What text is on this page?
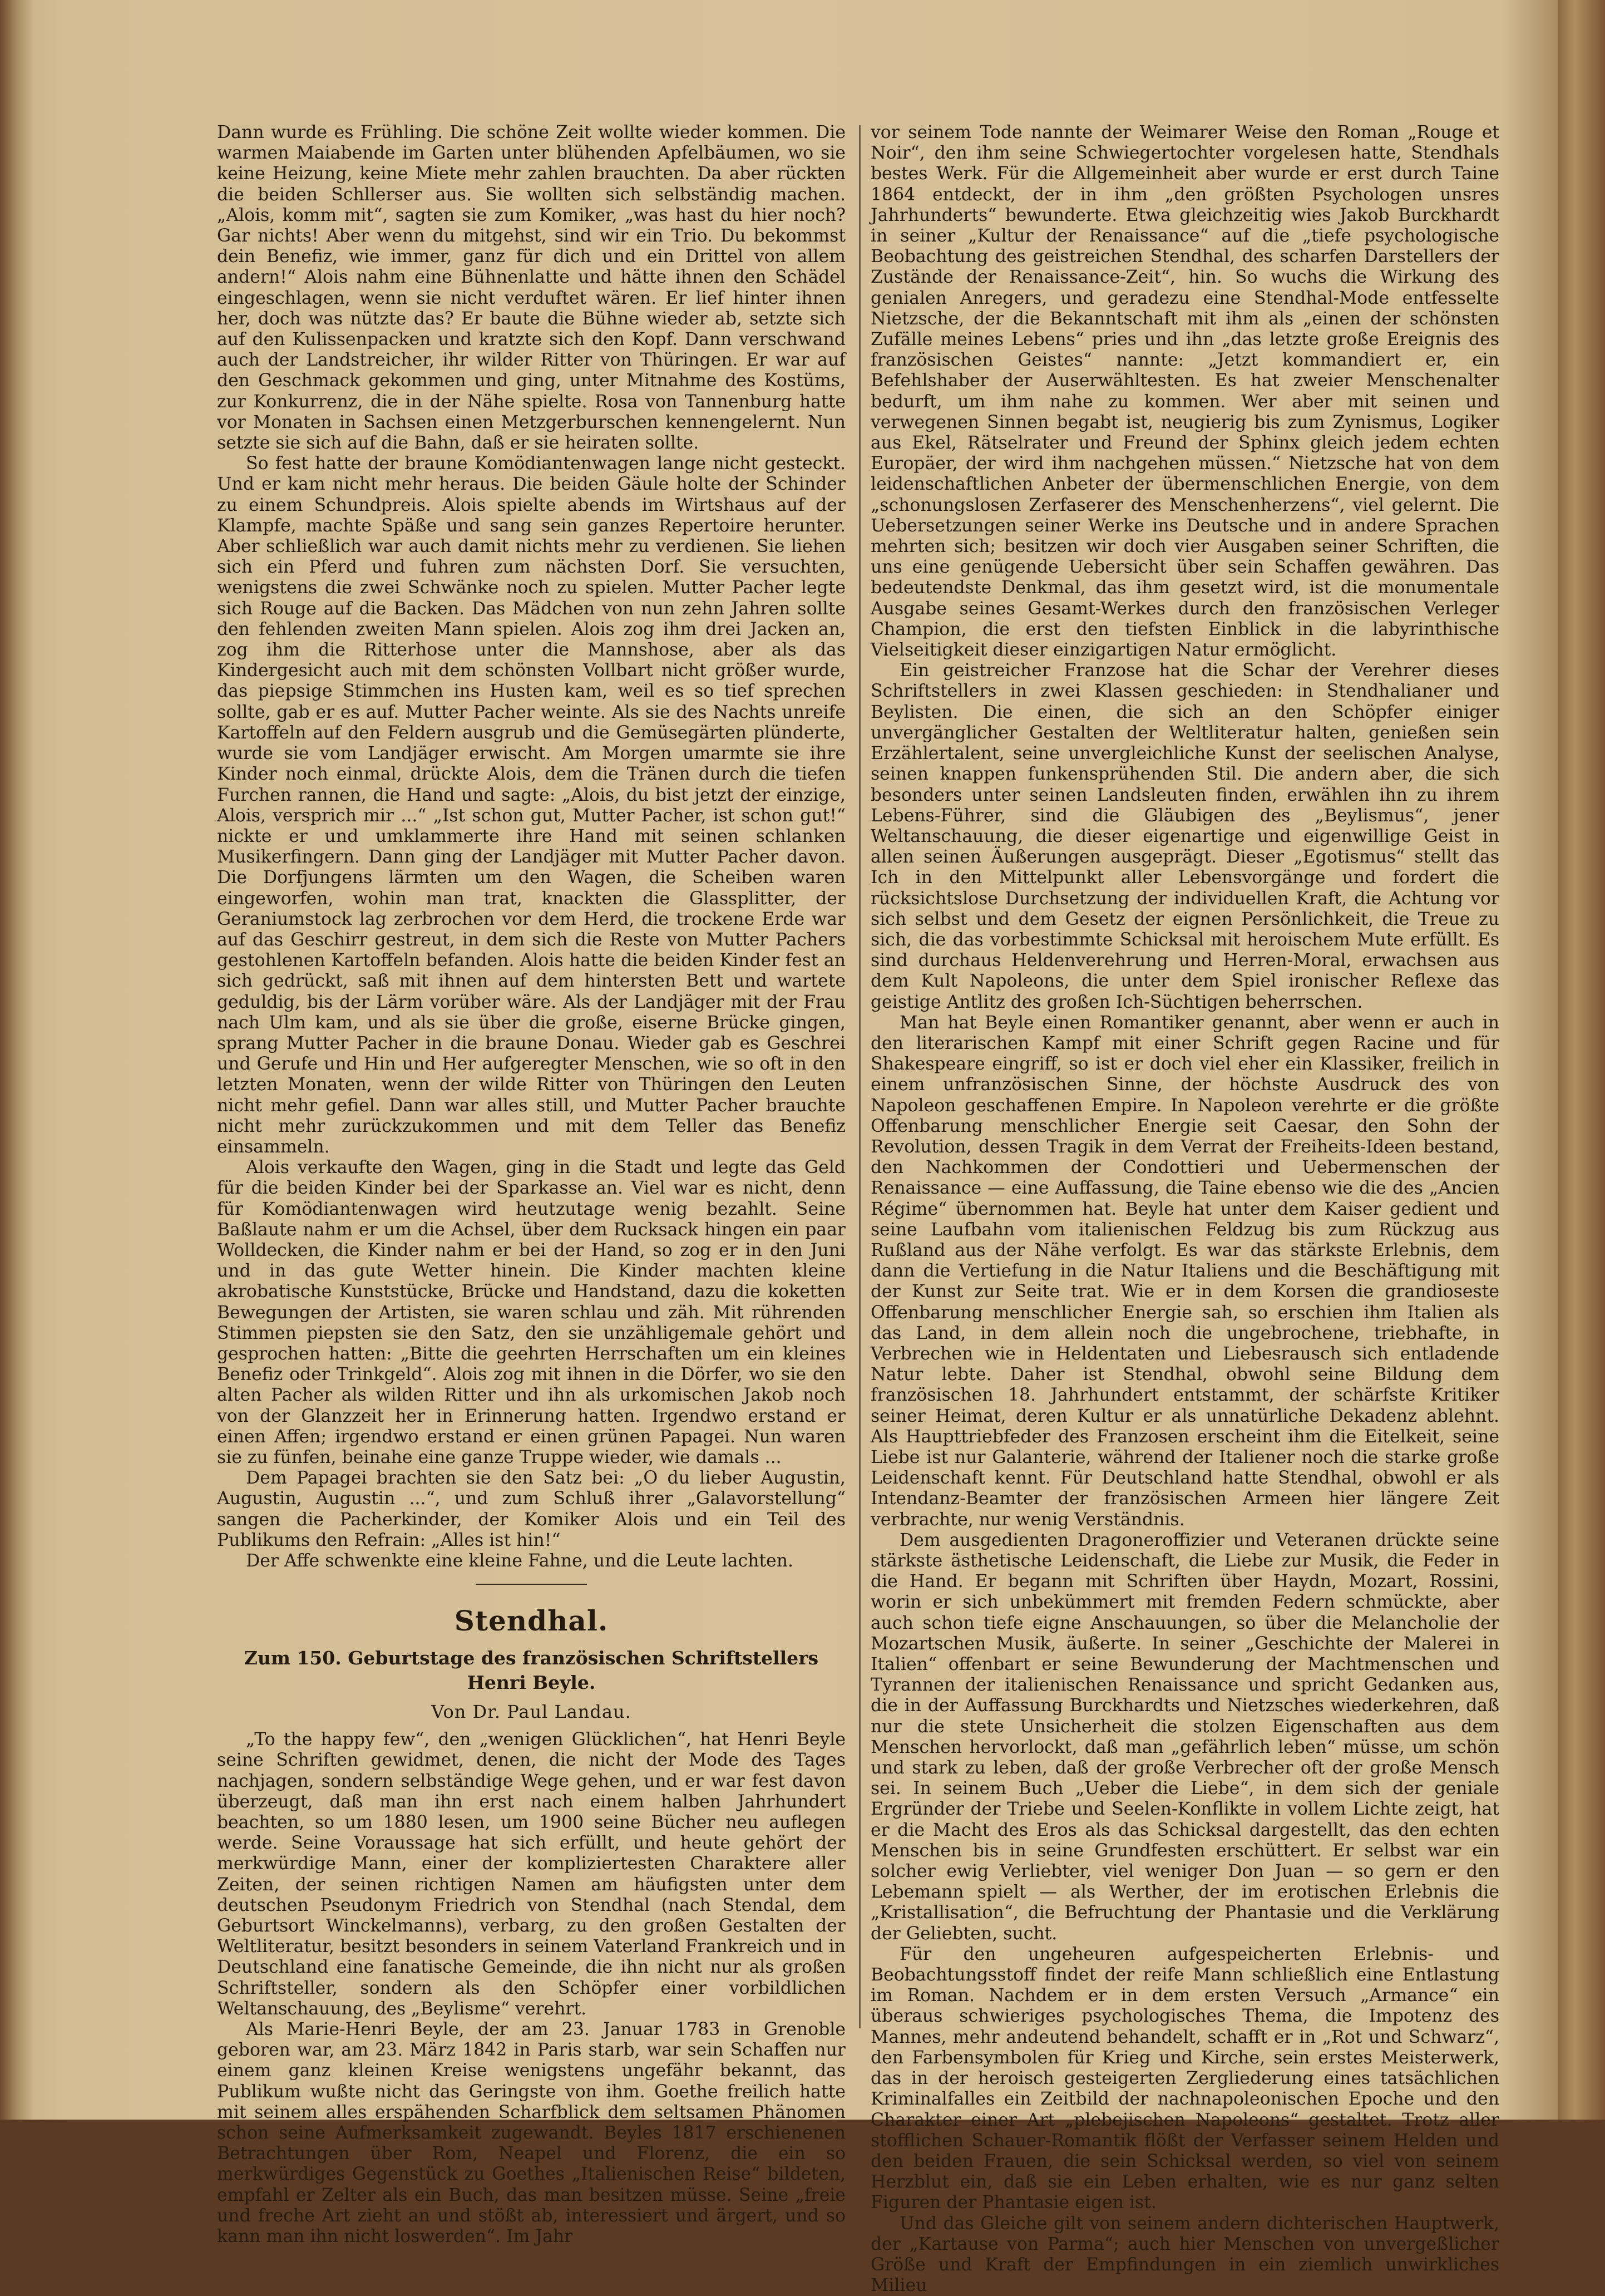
Dann wurde es Frühling. Die schöne Zeit wollte wieder kommen. Die warmen Maiabende im Garten unter blühenden Apfelbäumen, wo sie keine Heizung, keine Miete mehr zahlen brauchten. Da aber rückten die beiden Schllerser aus. Sie wollten sich selbständig machen. „Alois, komm mit“, sagten sie zum Komiker, „was hast du hier noch? Gar nichts! Aber wenn du mitgehst, sind wir ein Trio. Du bekommst dein Benefiz, wie immer, ganz für dich und ein Drittel von allem andern!“ Alois nahm eine Bühnenlatte und hätte ihnen den Schädel eingeschlagen, wenn sie nicht verduftet wären. Er lief hinter ihnen her, doch was nützte das? Er baute die Bühne wieder ab, setzte sich auf den Kulissenpacken und kratzte sich den Kopf. Dann verschwand auch der Landstreicher, ihr wilder Ritter von Thüringen. Er war auf den Geschmack gekommen und ging, unter Mitnahme des Kostüms, zur Konkurrenz, die in der Nähe spielte. Rosa von Tannenburg hatte vor Monaten in Sachsen einen Metzgerburschen kennengelernt. Nun setzte sie sich auf die Bahn, daß er sie heiraten sollte.

So fest hatte der braune Komödiantenwagen lange nicht gesteckt. Und er kam nicht mehr heraus. Die beiden Gäule holte der Schinder zu einem Schundpreis. Alois spielte abends im Wirtshaus auf der Klampfe, machte Späße und sang sein ganzes Repertoire herunter. Aber schließlich war auch damit nichts mehr zu verdienen. Sie liehen sich ein Pferd und fuhren zum nächsten Dorf. Sie versuchten, wenigstens die zwei Schwänke noch zu spielen. Mutter Pacher legte sich Rouge auf die Backen. Das Mädchen von nun zehn Jahren sollte den fehlenden zweiten Mann spielen. Alois zog ihm drei Jacken an, zog ihm die Ritterhose unter die Mannshose, aber als das Kindergesicht auch mit dem schönsten Vollbart nicht größer wurde, das piepsige Stimmchen ins Husten kam, weil es so tief sprechen sollte, gab er es auf. Mutter Pacher weinte. Als sie des Nachts unreife Kartoffeln auf den Feldern ausgrub und die Gemüsegärten plünderte, wurde sie vom Landjäger erwischt. Am Morgen umarmte sie ihre Kinder noch einmal, drückte Alois, dem die Tränen durch die tiefen Furchen rannen, die Hand und sagte: „Alois, du bist jetzt der einzige, Alois, versprich mir ...“ „Ist schon gut, Mutter Pacher, ist schon gut!“ nickte er und umklammerte ihre Hand mit seinen schlanken Musikerfingern. Dann ging der Landjäger mit Mutter Pacher davon. Die Dorfjungens lärmten um den Wagen, die Scheiben waren eingeworfen, wohin man trat, knackten die Glassplitter, der Geraniumstock lag zerbrochen vor dem Herd, die trockene Erde war auf das Geschirr gestreut, in dem sich die Reste von Mutter Pachers gestohlenen Kartoffeln befanden. Alois hatte die beiden Kinder fest an sich gedrückt, saß mit ihnen auf dem hintersten Bett und wartete geduldig, bis der Lärm vorüber wäre. Als der Landjäger mit der Frau nach Ulm kam, und als sie über die große, eiserne Brücke gingen, sprang Mutter Pacher in die braune Donau. Wieder gab es Geschrei und Gerufe und Hin und Her aufgeregter Menschen, wie so oft in den letzten Monaten, wenn der wilde Ritter von Thüringen den Leuten nicht mehr gefiel. Dann war alles still, und Mutter Pacher brauchte nicht mehr zurückzukommen und mit dem Teller das Benefiz einsammeln.

Alois verkaufte den Wagen, ging in die Stadt und legte das Geld für die beiden Kinder bei der Sparkasse an. Viel war es nicht, denn für Komödiantenwagen wird heutzutage wenig bezahlt. Seine Baßlaute nahm er um die Achsel, über dem Rucksack hingen ein paar Wolldecken, die Kinder nahm er bei der Hand, so zog er in den Juni und in das gute Wetter hinein. Die Kinder machten kleine akrobatische Kunststücke, Brücke und Handstand, dazu die koketten Bewegungen der Artisten, sie waren schlau und zäh. Mit rührenden Stimmen piepsten sie den Satz, den sie unzähligemale gehört und gesprochen hatten: „Bitte die geehrten Herrschaften um ein kleines Benefiz oder Trinkgeld“. Alois zog mit ihnen in die Dörfer, wo sie den alten Pacher als wilden Ritter und ihn als urkomischen Jakob noch von der Glanzzeit her in Erinnerung hatten. Irgendwo erstand er einen Affen; irgendwo erstand er einen grünen Papagei. Nun waren sie zu fünfen, beinahe eine ganze Truppe wieder, wie damals ...

Dem Papagei brachten sie den Satz bei: „O du lieber Augustin, Augustin, Augustin ...“, und zum Schluß ihrer „Galavorstellung“ sangen die Pacherkinder, der Komiker Alois und ein Teil des Publikums den Refrain: „Alles ist hin!“

Der Affe schwenkte eine kleine Fahne, und die Leute lachten.

Stendhal.
Zum 150. Geburtstage des französischen Schriftstellers Henri Beyle.
Von Dr. Paul Landau.

„To the happy few“, den „wenigen Glücklichen“, hat Henri Beyle seine Schriften gewidmet, denen, die nicht der Mode des Tages nachjagen, sondern selbständige Wege gehen, und er war fest davon überzeugt, daß man ihn erst nach einem halben Jahrhundert beachten, so um 1880 lesen, um 1900 seine Bücher neu auflegen werde. Seine Voraussage hat sich erfüllt, und heute gehört der merkwürdige Mann, einer der kompliziertesten Charaktere aller Zeiten, der seinen richtigen Namen am häufigsten unter dem deutschen Pseudonym Friedrich von Stendhal (nach Stendal, dem Geburtsort Winckelmanns), verbarg, zu den großen Gestalten der Weltliteratur, besitzt besonders in seinem Vaterland Frankreich und in Deutschland eine fanatische Gemeinde, die ihn nicht nur als großen Schriftsteller, sondern als den Schöpfer einer vorbildlichen Weltanschauung, des „Beylisme“ verehrt.

Als Marie-Henri Beyle, der am 23. Januar 1783 in Grenoble geboren war, am 23. März 1842 in Paris starb, war sein Schaffen nur einem ganz kleinen Kreise wenigstens ungefähr bekannt, das Publikum wußte nicht das Geringste von ihm. Goethe freilich hatte mit seinem alles erspähenden Scharfblick dem seltsamen Phänomen schon seine Aufmerksamkeit zugewandt. Beyles 1817 erschienenen Betrachtungen über Rom, Neapel und Florenz, die ein so merkwürdiges Gegenstück zu Goethes „Italienischen Reise“ bildeten, empfahl er Zelter als ein Buch, das man besitzen müsse. Seine „freie und freche Art zieht an und stößt ab, interessiert und ärgert, und so kann man ihn nicht loswerden“. Im Jahr

vor seinem Tode nannte der Weimarer Weise den Roman „Rouge et Noir“, den ihm seine Schwiegertochter vorgelesen hatte, Stendhals bestes Werk. Für die Allgemeinheit aber wurde er erst durch Taine 1864 entdeckt, der in ihm „den größten Psychologen unsres Jahrhunderts“ bewunderte. Etwa gleichzeitig wies Jakob Burckhardt in seiner „Kultur der Renaissance“ auf die „tiefe psychologische Beobachtung des geistreichen Stendhal, des scharfen Darstellers der Zustände der Renaissance-Zeit“, hin. So wuchs die Wirkung des genialen Anregers, und geradezu eine Stendhal-Mode entfesselte Nietzsche, der die Bekanntschaft mit ihm als „einen der schönsten Zufälle meines Lebens“ pries und ihn „das letzte große Ereignis des französischen Geistes“ nannte: „Jetzt kommandiert er, ein Befehlshaber der Auserwähltesten. Es hat zweier Menschenalter bedurft, um ihm nahe zu kommen. Wer aber mit seinen und verwegenen Sinnen begabt ist, neugierig bis zum Zynismus, Logiker aus Ekel, Rätselrater und Freund der Sphinx gleich jedem echten Europäer, der wird ihm nachgehen müssen.“ Nietzsche hat von dem leidenschaftlichen Anbeter der übermenschlichen Energie, von dem „schonungslosen Zerfaserer des Menschenherzens“, viel gelernt. Die Uebersetzungen seiner Werke ins Deutsche und in andere Sprachen mehrten sich; besitzen wir doch vier Ausgaben seiner Schriften, die uns eine genügende Uebersicht über sein Schaffen gewähren. Das bedeutendste Denkmal, das ihm gesetzt wird, ist die monumentale Ausgabe seines Gesamt-Werkes durch den französischen Verleger Champion, die erst den tiefsten Einblick in die labyrinthische Vielseitigkeit dieser einzigartigen Natur ermöglicht.

Ein geistreicher Franzose hat die Schar der Verehrer dieses Schriftstellers in zwei Klassen geschieden: in Stendhalianer und Beylisten. Die einen, die sich an den Schöpfer einiger unvergänglicher Gestalten der Weltliteratur halten, genießen sein Erzählertalent, seine unvergleichliche Kunst der seelischen Analyse, seinen knappen funkensprühenden Stil. Die andern aber, die sich besonders unter seinen Landsleuten finden, erwählen ihn zu ihrem Lebens-Führer, sind die Gläubigen des „Beylismus“, jener Weltanschauung, die dieser eigenartige und eigenwillige Geist in allen seinen Äußerungen ausgeprägt. Dieser „Egotismus“ stellt das Ich in den Mittelpunkt aller Lebensvorgänge und fordert die rücksichtslose Durchsetzung der individuellen Kraft, die Achtung vor sich selbst und dem Gesetz der eignen Persönlichkeit, die Treue zu sich, die das vorbestimmte Schicksal mit heroischem Mute erfüllt. Es sind durchaus Heldenverehrung und Herren-Moral, erwachsen aus dem Kult Napoleons, die unter dem Spiel ironischer Reflexe das geistige Antlitz des großen Ich-Süchtigen beherrschen.

Man hat Beyle einen Romantiker genannt, aber wenn er auch in den literarischen Kampf mit einer Schrift gegen Racine und für Shakespeare eingriff, so ist er doch viel eher ein Klassiker, freilich in einem unfranzösischen Sinne, der höchste Ausdruck des von Napoleon geschaffenen Empire. In Napoleon verehrte er die größte Offenbarung menschlicher Energie seit Caesar, den Sohn der Revolution, dessen Tragik in dem Verrat der Freiheits-Ideen bestand, den Nachkommen der Condottieri und Uebermenschen der Renaissance — eine Auffassung, die Taine ebenso wie die des „Ancien Régime“ übernommen hat. Beyle hat unter dem Kaiser gedient und seine Laufbahn vom italienischen Feldzug bis zum Rückzug aus Rußland aus der Nähe verfolgt. Es war das stärkste Erlebnis, dem dann die Vertiefung in die Natur Italiens und die Beschäftigung mit der Kunst zur Seite trat. Wie er in dem Korsen die grandioseste Offenbarung menschlicher Energie sah, so erschien ihm Italien als das Land, in dem allein noch die ungebrochene, triebhafte, in Verbrechen wie in Heldentaten und Liebesrausch sich entladende Natur lebte. Daher ist Stendhal, obwohl seine Bildung dem französischen 18. Jahrhundert entstammt, der schärfste Kritiker seiner Heimat, deren Kultur er als unnatürliche Dekadenz ablehnt. Als Haupttriebfeder des Franzosen erscheint ihm die Eitelkeit, seine Liebe ist nur Galanterie, während der Italiener noch die starke große Leidenschaft kennt. Für Deutschland hatte Stendhal, obwohl er als Intendanz-Beamter der französischen Armeen hier längere Zeit verbrachte, nur wenig Verständnis.

Dem ausgedienten Dragoneroffizier und Veteranen drückte seine stärkste ästhetische Leidenschaft, die Liebe zur Musik, die Feder in die Hand. Er begann mit Schriften über Haydn, Mozart, Rossini, worin er sich unbekümmert mit fremden Federn schmückte, aber auch schon tiefe eigne Anschauungen, so über die Melancholie der Mozartschen Musik, äußerte. In seiner „Geschichte der Malerei in Italien“ offenbart er seine Bewunderung der Machtmenschen und Tyrannen der italienischen Renaissance und spricht Gedanken aus, die in der Auffassung Burckhardts und Nietzsches wiederkehren, daß nur die stete Unsicherheit die stolzen Eigenschaften aus dem Menschen hervorlockt, daß man „gefährlich leben“ müsse, um schön und stark zu leben, daß der große Verbrecher oft der große Mensch sei. In seinem Buch „Ueber die Liebe“, in dem sich der geniale Ergründer der Triebe und Seelen-Konflikte in vollem Lichte zeigt, hat er die Macht des Eros als das Schicksal dargestellt, das den echten Menschen bis in seine Grundfesten erschüttert. Er selbst war ein solcher ewig Verliebter, viel weniger Don Juan — so gern er den Lebemann spielt — als Werther, der im erotischen Erlebnis die „Kristallisation“, die Befruchtung der Phantasie und die Verklärung der Geliebten, sucht.

Für den ungeheuren aufgespeicherten Erlebnis- und Beobachtungsstoff findet der reife Mann schließlich eine Entlastung im Roman. Nachdem er in dem ersten Versuch „Armance“ ein überaus schwieriges psychologisches Thema, die Impotenz des Mannes, mehr andeutend behandelt, schafft er in „Rot und Schwarz“, den Farbensymbolen für Krieg und Kirche, sein erstes Meisterwerk, das in der heroisch gesteigerten Zergliederung eines tatsächlichen Kriminalfalles ein Zeitbild der nachnapoleonischen Epoche und den Charakter einer Art „plebejischen Napoleons“ gestaltet. Trotz aller stofflichen Schauer-Romantik flößt der Verfasser seinem Helden und den beiden Frauen, die sein Schicksal werden, so viel von seinem Herzblut ein, daß sie ein Leben erhalten, wie es nur ganz selten Figuren der Phantasie eigen ist.

Und das Gleiche gilt von seinem andern dichterischen Hauptwerk, der „Kartause von Parma“; auch hier Menschen von unvergeßlicher Größe und Kraft der Empfindungen in ein ziemlich unwirkliches Milieu
